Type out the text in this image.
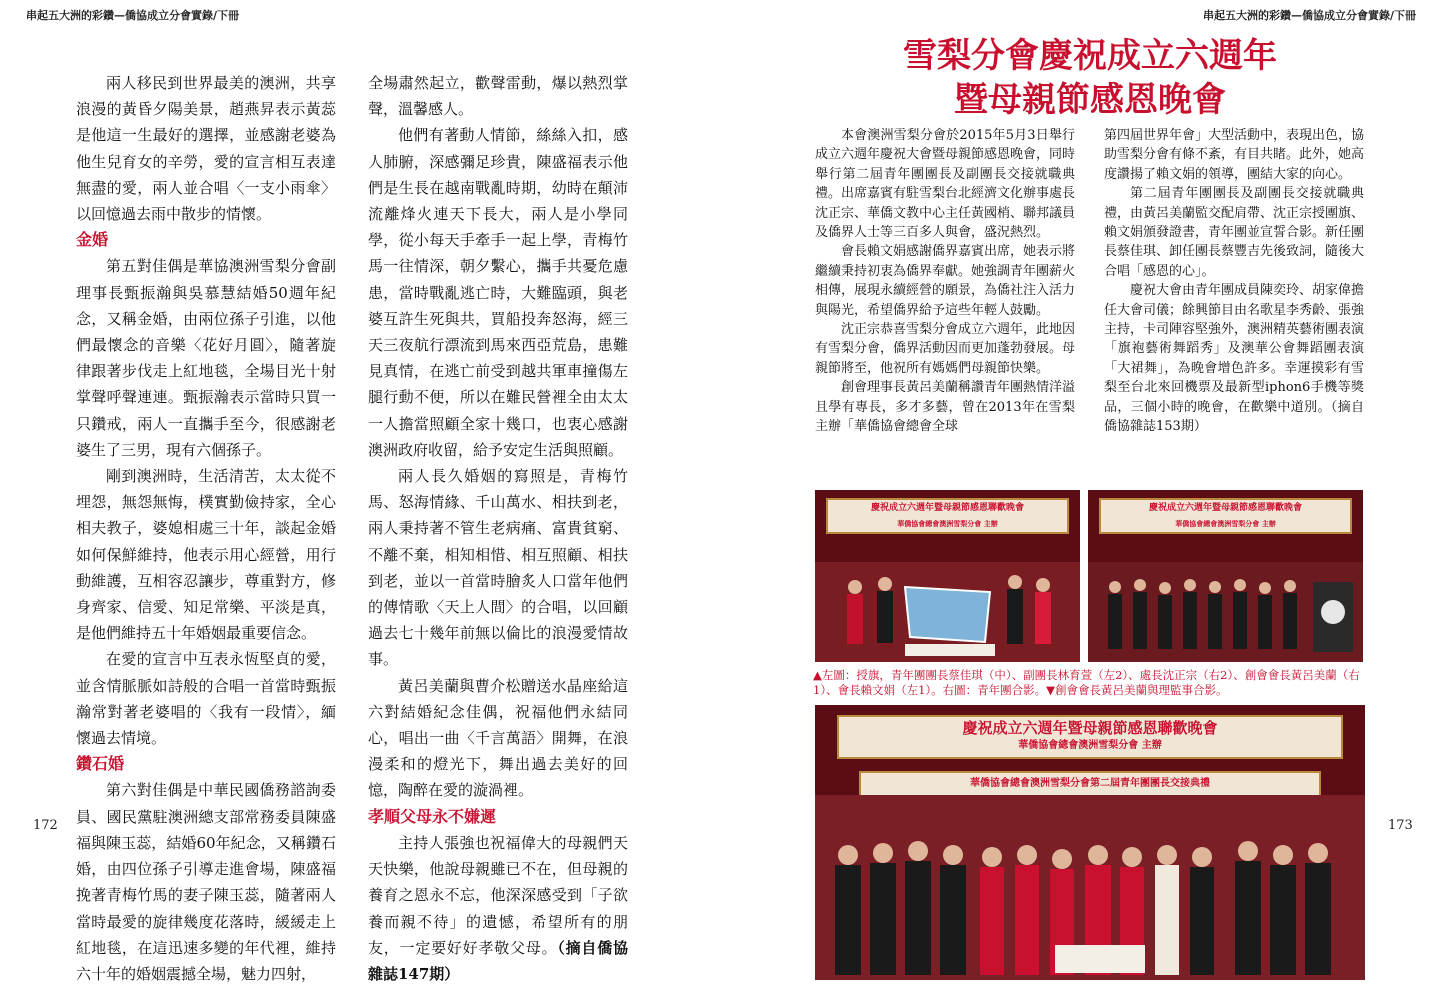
串起五大洲的彩鑽—僑協成立分會實錄/下冊	串起五大洲的彩鑽—僑協成立分會實錄/下冊
172	173

兩人移民到世界最美的澳洲，共享浪漫的黃昏夕陽美景，趙燕昇表示黃蕊是他這一生最好的選擇，並感謝老婆為他生兒育女的辛勞，愛的宣言相互表達無盡的愛，兩人並合唱〈一支小雨傘〉以回憶過去雨中散步的情懷。

金婚

第五對佳偶是華協澳洲雪梨分會副理事長甄振瀚與吳慕慧結婚50週年紀念，又稱金婚，由兩位孫子引進，以他們最懷念的音樂〈花好月圓〉，隨著旋律跟著步伐走上紅地毯，全場目光十射掌聲呼聲連連。甄振瀚表示當時只買一只鑽戒，兩人一直攜手至今，很感謝老婆生了三男，現有六個孫子。

剛到澳洲時，生活清苦，太太從不埋怨，無怨無悔，樸實勤儉持家，全心相夫教子，婆媳相處三十年，談起金婚如何保鮮維持，他表示用心經營，用行動維護，互相容忍讓步，尊重對方，修身齊家、信愛、知足常樂、平淡是真，是他們維持五十年婚姻最重要信念。

在愛的宣言中互表永恆堅貞的愛，並含情脈脈如詩般的合唱一首當時甄振瀚常對著老婆唱的〈我有一段情〉，緬懷過去情境。

鑽石婚

第六對佳偶是中華民國僑務諮詢委員、國民黨駐澳洲總支部常務委員陳盛福與陳玉蕊，結婚60年紀念，又稱鑽石婚，由四位孫子引導走進會場，陳盛福挽著青梅竹馬的妻子陳玉蕊，隨著兩人當時最愛的旋律幾度花落時，緩緩走上紅地毯，在這迅速多變的年代裡，維持六十年的婚姻震撼全場，魅力四射，

全場肅然起立，歡聲雷動，爆以熱烈掌聲，溫馨感人。

他們有著動人情節，絲絲入扣，感人肺腑，深感彌足珍貴，陳盛福表示他們是生長在越南戰亂時期，幼時在顛沛流離烽火連天下長大，兩人是小學同學，從小每天手牽手一起上學，青梅竹馬一往情深，朝夕繫心，攜手共憂危慮患，當時戰亂逃亡時，大難臨頭，與老婆互許生死與共，買船投奔怒海，經三天三夜航行漂流到馬來西亞荒島，患難見真情，在逃亡前受到越共軍車撞傷左腿行動不便，所以在難民營裡全由太太一人擔當照顧全家十幾口，也衷心感謝澳洲政府收留，給予安定生活與照顧。

兩人長久婚姻的寫照是，青梅竹馬、怒海情緣、千山萬水、相扶到老，兩人秉持著不管生老病痛、富貴貧窮、不離不棄，相知相惜、相互照顧、相扶到老，並以一首當時膾炙人口當年他們的傳情歌〈天上人間〉的合唱，以回顧過去七十幾年前無以倫比的浪漫愛情故事。

黃呂美蘭與曹介松贈送水晶座給這六對結婚紀念佳偶，祝福他們永結同心，唱出一曲〈千言萬語〉開舞，在浪漫柔和的燈光下，舞出過去美好的回憶，陶醉在愛的漩渦裡。

孝順父母永不嫌遲

主持人張強也祝福偉大的母親們天天快樂，他說母親雖已不在，但母親的養育之恩永不忘，他深深感受到「子欲養而親不待」的遺憾，希望所有的朋友，一定要好好孝敬父母。（摘自僑協雜誌147期）

雪梨分會慶祝成立六週年
暨母親節感恩晚會

本會澳洲雪梨分會於2015年5月3日舉行成立六週年慶祝大會暨母親節感恩晚會，同時舉行第二屆青年團團長及副團長交接就職典禮。出席嘉賓有駐雪梨台北經濟文化辦事處長沈正宗、華僑文教中心主任黃國梢、聯邦議員及僑界人士等三百多人與會，盛況熱烈。

會長賴文娟感謝僑界嘉賓出席，她表示將繼續秉持初衷為僑界奉獻。她強調青年團薪火相傳，展現永續經營的願景，為僑社注入活力與陽光，希望僑界給予這些年輕人鼓勵。

沈正宗恭喜雪梨分會成立六週年，此地因有雪梨分會，僑界活動因而更加蓬勃發展。母親節將至，他祝所有媽媽們母親節快樂。

創會理事長黃呂美蘭稱讚青年團熱情洋溢且學有專長，多才多藝，曾在2013年在雪梨主辦「華僑協會總會全球

第四屆世界年會」大型活動中，表現出色，協助雪梨分會有條不紊，有目共睹。此外，她高度讚揚了賴文娟的領導，團結大家的向心。

第二屆青年團團長及副團長交接就職典禮，由黃呂美蘭監交配肩帶、沈正宗授團旗、賴文娟頒發證書，青年團並宣誓合影。新任團長蔡佳琪、卸任團長蔡豐吉先後致詞，隨後大合唱「感恩的心」。

慶祝大會由青年團成員陳奕玲、胡家偉擔任大會司儀；餘興節目由名歌星李秀齡、張強主持，卡司陣容堅強外，澳洲精英藝術團表演「旗袍藝術舞蹈秀」及澳華公會舞蹈團表演「大裙舞」，為晚會增色許多。幸運摸彩有雪梨至台北來回機票及最新型iphon6手機等獎品，三個小時的晚會，在歡樂中道別。（摘自僑協雜誌153期）

慶祝成立六週年暨母親節感恩聯歡晚會
華僑協會總會澳洲雪梨分會 主辦
慶祝成立六週年暨母親節感恩聯歡晚會
華僑協會總會澳洲雪梨分會 主辦
▲左圖：授旗，青年團團長蔡佳琪（中）、副團長林育萱（左2）、處長沈正宗（右2）、創會會長黃呂美蘭（右1）、會長賴文娟（左1）。右圖：青年團合影。▼創會會長黃呂美蘭與理監事合影。
慶祝成立六週年暨母親節感恩聯歡晚會
華僑協會總會澳洲雪梨分會 主辦
華僑協會總會澳洲雪梨分會第二屆青年團團長交接典禮
